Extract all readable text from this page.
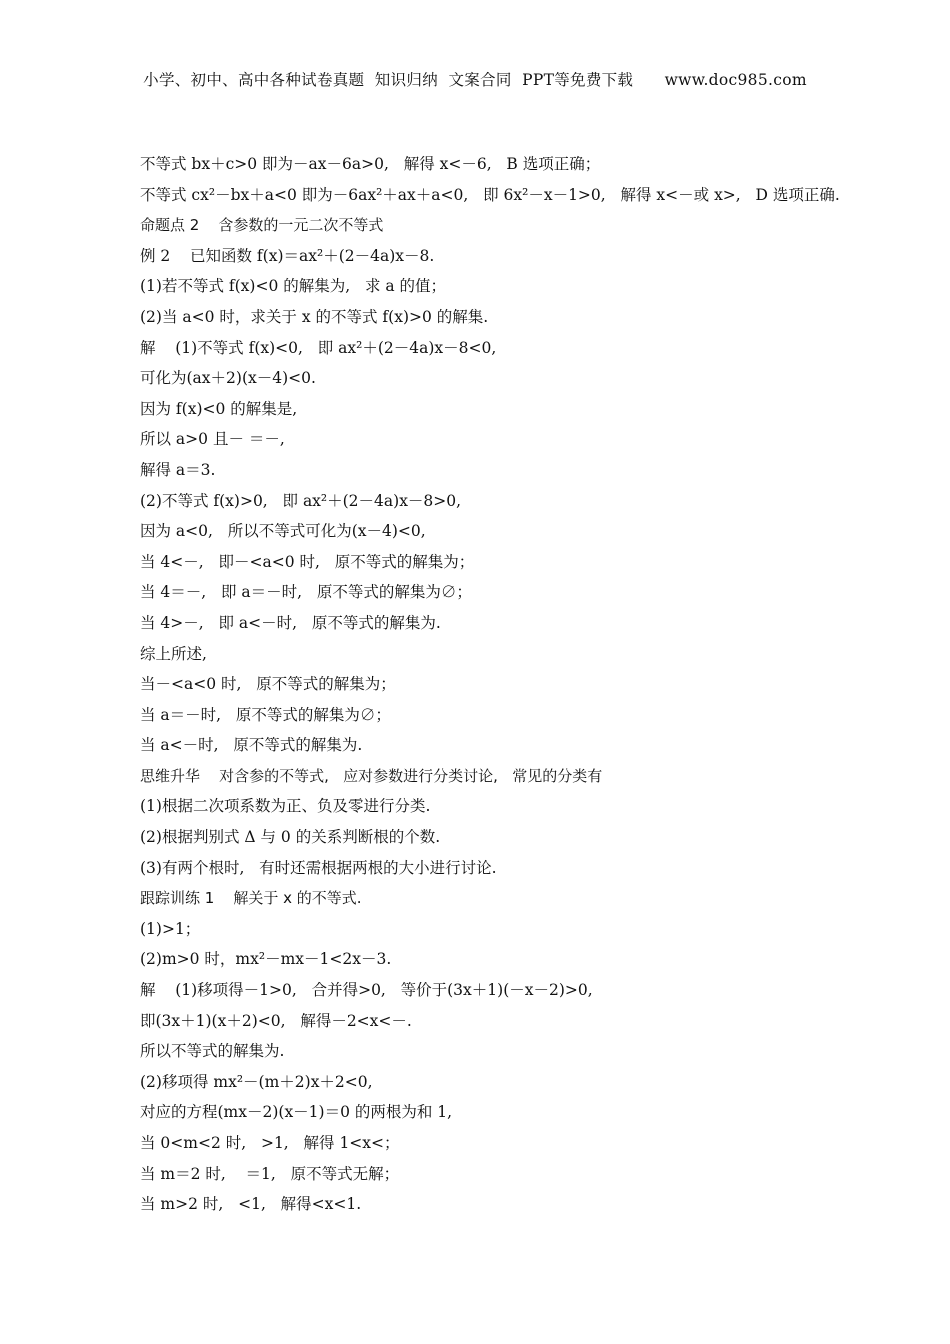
小学、初中、高中各种试卷真题  知识归纳  文案合同  PPT等免费下载      www.doc985.com
不等式 bx＋c>0 即为－ax－6a>0,   解得 x<－6,   B 选项正确；
不等式 cx²－bx＋a<0 即为－6ax²＋ax＋a<0,   即 6x²－x－1>0,   解得 x<－或 x>,   D 选项正确.
命题点 2    含参数的一元二次不等式
例 2    已知函数 f(x)＝ax²＋(2－4a)x－8.
(1)若不等式 f(x)<0 的解集为,   求 a 的值；
(2)当 a<0 时，求关于 x 的不等式 f(x)>0 的解集.
解    (1)不等式 f(x)<0,   即 ax²＋(2－4a)x－8<0,
可化为(ax＋2)(x－4)<0.
因为 f(x)<0 的解集是,
所以 a>0 且－ ＝－,
解得 a＝3.
(2)不等式 f(x)>0,   即 ax²＋(2－4a)x－8>0,
因为 a<0,   所以不等式可化为(x－4)<0,
当 4<－,   即－<a<0 时,   原不等式的解集为；
当 4＝－,   即 a＝－时,   原不等式的解集为∅；
当 4>－,   即 a<－时,   原不等式的解集为.
综上所述,
当－<a<0 时,   原不等式的解集为；
当 a＝－时,   原不等式的解集为∅；
当 a<－时,   原不等式的解集为.
思维升华    对含参的不等式,   应对参数进行分类讨论,   常见的分类有
(1)根据二次项系数为正、负及零进行分类.
(2)根据判别式 Δ 与 0 的关系判断根的个数.
(3)有两个根时,   有时还需根据两根的大小进行讨论.
跟踪训练 1    解关于 x 的不等式.
(1)>1；
(2)m>0 时，mx²－mx－1<2x－3.
解    (1)移项得－1>0,   合并得>0,   等价于(3x＋1)(－x－2)>0,
即(3x＋1)(x＋2)<0,   解得－2<x<－.
所以不等式的解集为.
(2)移项得 mx²－(m＋2)x＋2<0,
对应的方程(mx－2)(x－1)＝0 的两根为和 1,
当 0<m<2 时,   >1,   解得 1<x<；
当 m＝2 时,    ＝1,   原不等式无解；
当 m>2 时,   <1,   解得<x<1.
